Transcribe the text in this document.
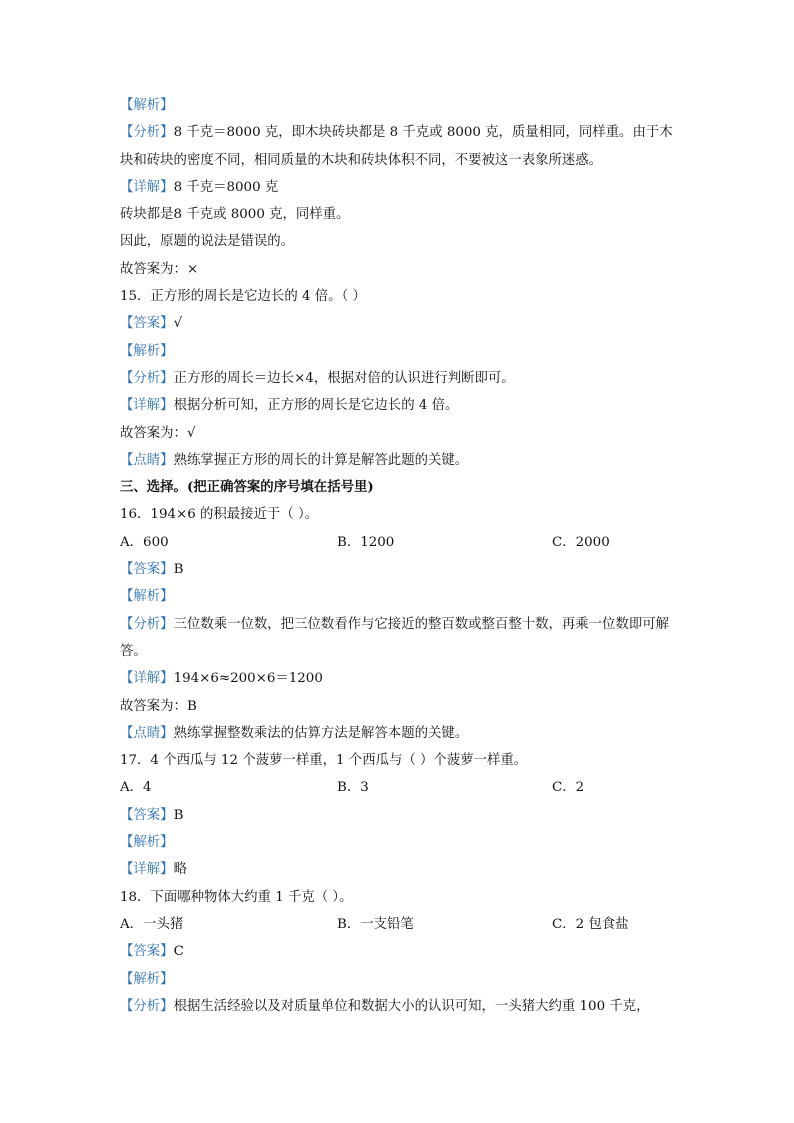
【解析】
【分析】8 千克＝8000 克，即木块砖块都是 8 千克或 8000 克，质量相同，同样重。由于木块和砖块的密度不同，相同质量的木块和砖块体积不同，不要被这一表象所迷惑。
【详解】8 千克＝8000 克
砖块都是8 千克或 8000 克，同样重。
因此，原题的说法是错误的。
故答案为：×
15．正方形的周长是它边长的 4 倍。（ ）
【答案】√
【解析】
【分析】正方形的周长＝边长×4，根据对倍的认识进行判断即可。
【详解】根据分析可知，正方形的周长是它边长的 4 倍。
故答案为：√
【点睛】熟练掌握正方形的周长的计算是解答此题的关键。
三、选择。(把正确答案的序号填在括号里)
16．194×6 的积最接近于（ ）。
A．600	B．1200	C．2000
【答案】B
【解析】
【分析】三位数乘一位数，把三位数看作与它接近的整百数或整百整十数，再乘一位数即可解答。
【详解】194×6≈200×6＝1200
故答案为：B
【点睛】熟练掌握整数乘法的估算方法是解答本题的关键。
17．4 个西瓜与 12 个菠萝一样重，1 个西瓜与（ ）个菠萝一样重。
A．4	B．3	C．2
【答案】B
【解析】
【详解】略
18．下面哪种物体大约重 1 千克（ ）。
A．一头猪	B．一支铅笔	C．2 包食盐
【答案】C
【解析】
【分析】根据生活经验以及对质量单位和数据大小的认识可知，一头猪大约重 100 千克，
